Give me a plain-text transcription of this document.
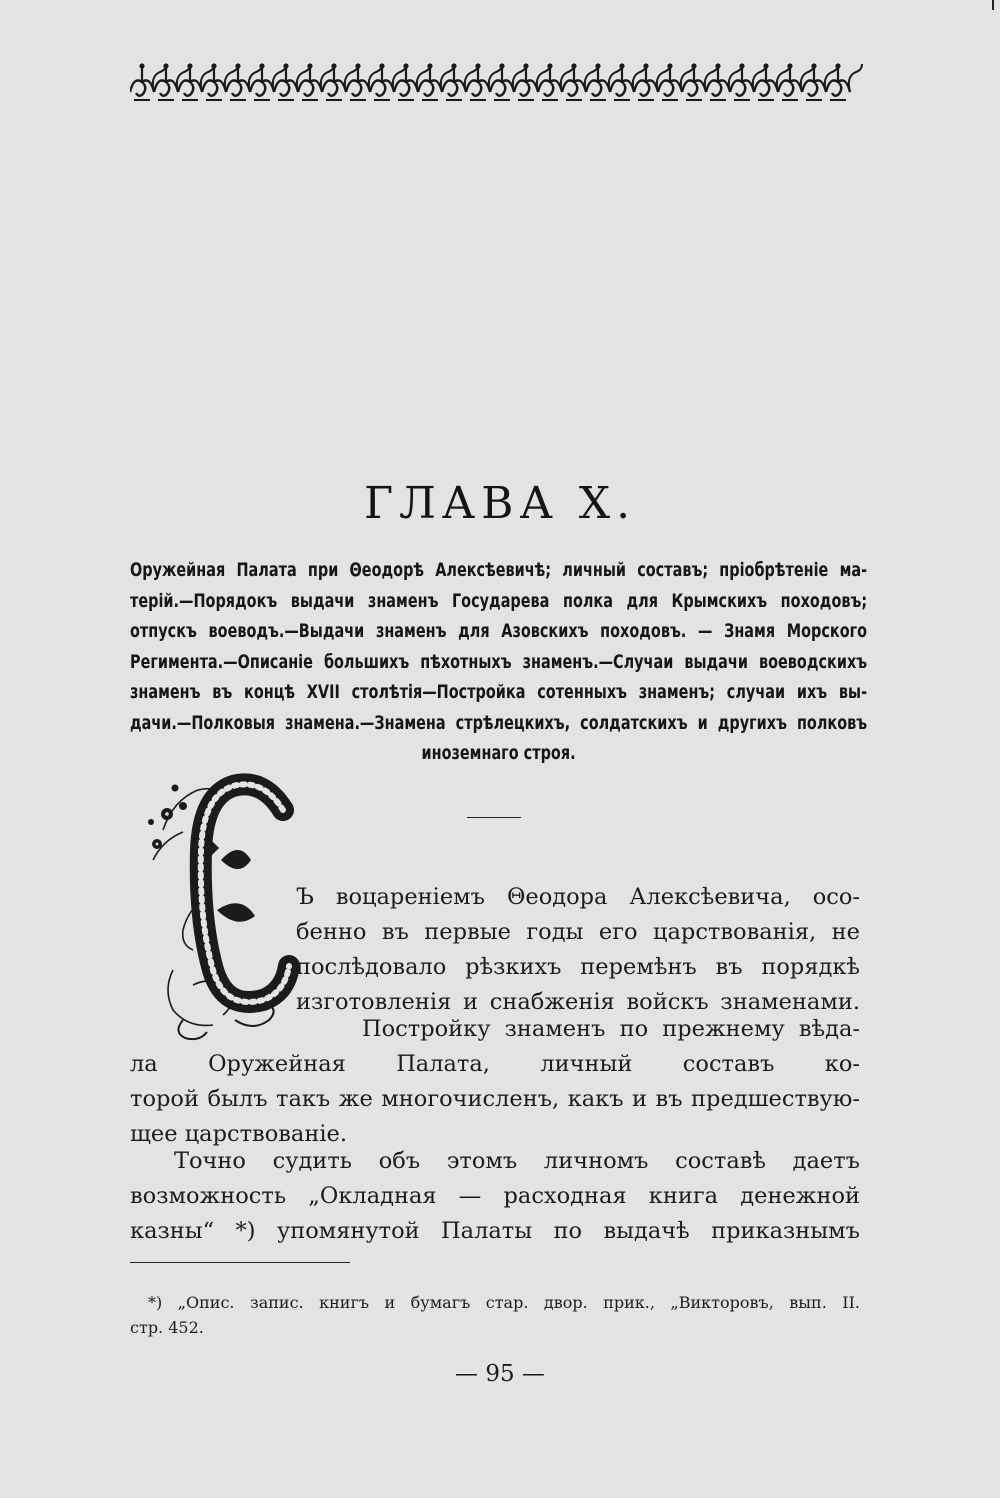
ГЛАВА X.
Оружейная Палата при Θеодорѣ Алексѣевичѣ; личный составъ; пріобрѣтеніе ма-
терій.—Порядокъ выдачи знаменъ Государева полка для Крымскихъ походовъ;
отпускъ воеводъ.—Выдачи знаменъ для Азовскихъ походовъ. — Знамя Морского
Регимента.—Описаніе большихъ пѣхотныхъ знаменъ.—Случаи выдачи воеводскихъ
знаменъ въ концѣ XVII столѣтія—Постройка сотенныхъ знаменъ; случаи ихъ вы-
дачи.—Полковыя знамена.—Знамена стрѣлецкихъ, солдатскихъ и другихъ полковъ
иноземнаго строя.
С
Ъ воцареніемъ Θеодора Алексѣевича, осо-
бенно въ первые годы его царствованія, не
послѣдовало рѣзкихъ перемѣнъ въ порядкѣ
изготовленія и снабженія войскъ знаменами.
Постройку знаменъ по прежнему вѣда-
ла Оружейная Палата, личный составъ ко-
торой былъ такъ же многочисленъ, какъ и въ предшествую-
щее царствованіе.
Точно судить объ этомъ личномъ составѣ даетъ
возможность „Окладная — расходная книга денежной
казны“ *) упомянутой Палаты по выдачѣ приказнымъ
*) „Опис. запис. книгъ и бумагъ стар. двор. прик., „Викторовъ, вып. II.
стр. 452.
— 95 —
